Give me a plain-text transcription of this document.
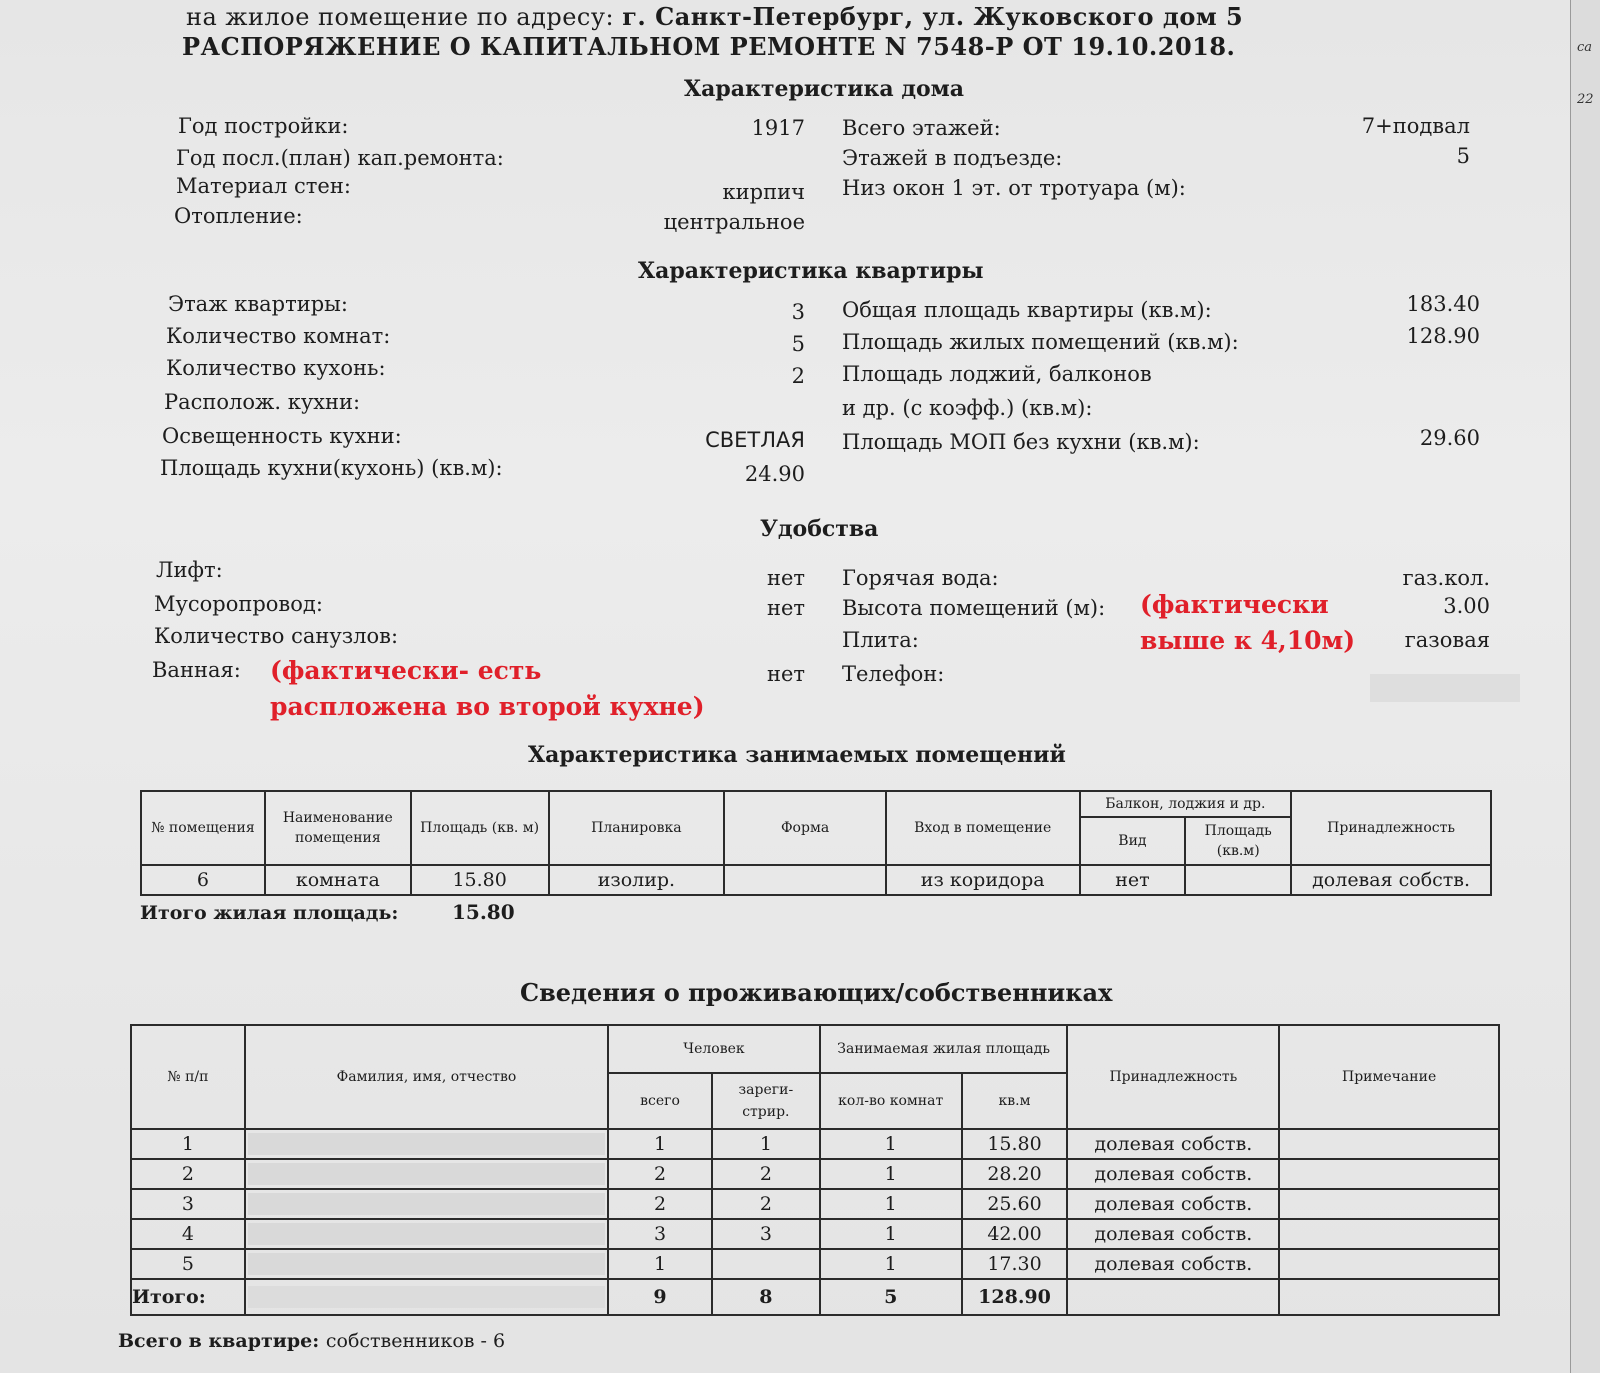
на жилое помещение по адресу: г. Санкт-Петербург, ул. Жуковского дом 5
РАСПОРЯЖЕНИЕ О КАПИТАЛЬНОМ РЕМОНТЕ N 7548-Р ОТ 19.10.2018.
Характеристика дома
Год постройки:	1917
Год посл.(план) кап.ремонта:
Материал стен:	кирпич
Отопление:	центральное
Всего этажей:	7+подвал
Этажей в подъезде:	5
Низ окон 1 эт. от тротуара (м):
Характеристика квартиры
Этаж квартиры:	3
Количество комнат:	5
Количество кухонь:	2
Располож. кухни:
Освещенность кухни:	СВЕТЛАЯ
Площадь кухни(кухонь) (кв.м):	24.90
Общая площадь квартиры (кв.м):	183.40
Площадь жилых помещений (кв.м):	128.90
Площадь лоджий, балконов
и др. (с коэфф.) (кв.м):
Площадь МОП без кухни (кв.м):	29.60
Удобства
Лифт:	нет
Мусоропровод:	нет
Количество санузлов:
Ванная:	нет
(фактически- есть
распложена во второй кухне)
Горячая вода:	газ.кол.
Высота помещений (м):	3.00
Плита:	газовая
Телефон:
(фактически
выше к 4,10м)
Характеристика занимаемых помещений
№ помещения	Наименование помещения	Площадь (кв. м)	Планировка	Форма	Вход в помещение	Балкон, лоджия и др.		Принадлежность
						Вид	Площадь (кв.м)	
6	комната	15.80	изолир.		из коридора	нет		долевая собств.
Итого жилая площадь:	15.80
Сведения о проживающих/собственниках
№ п/п	Фамилия, имя, отчество	Человек		Занимаемая жилая площадь		Принадлежность	Примечание
		всего	зареги- стрир.	кол-во комнат	кв.м		
1		1	1	1	15.80	долевая собств.	
2		2	2	1	28.20	долевая собств.	
3		2	2	1	25.60	долевая собств.	
4		3	3	1	42.00	долевая собств.	
5		1		1	17.30	долевая собств.	
Итого:		9	8	5	128.90		
Всего в квартире: собственников - 6
са
22
